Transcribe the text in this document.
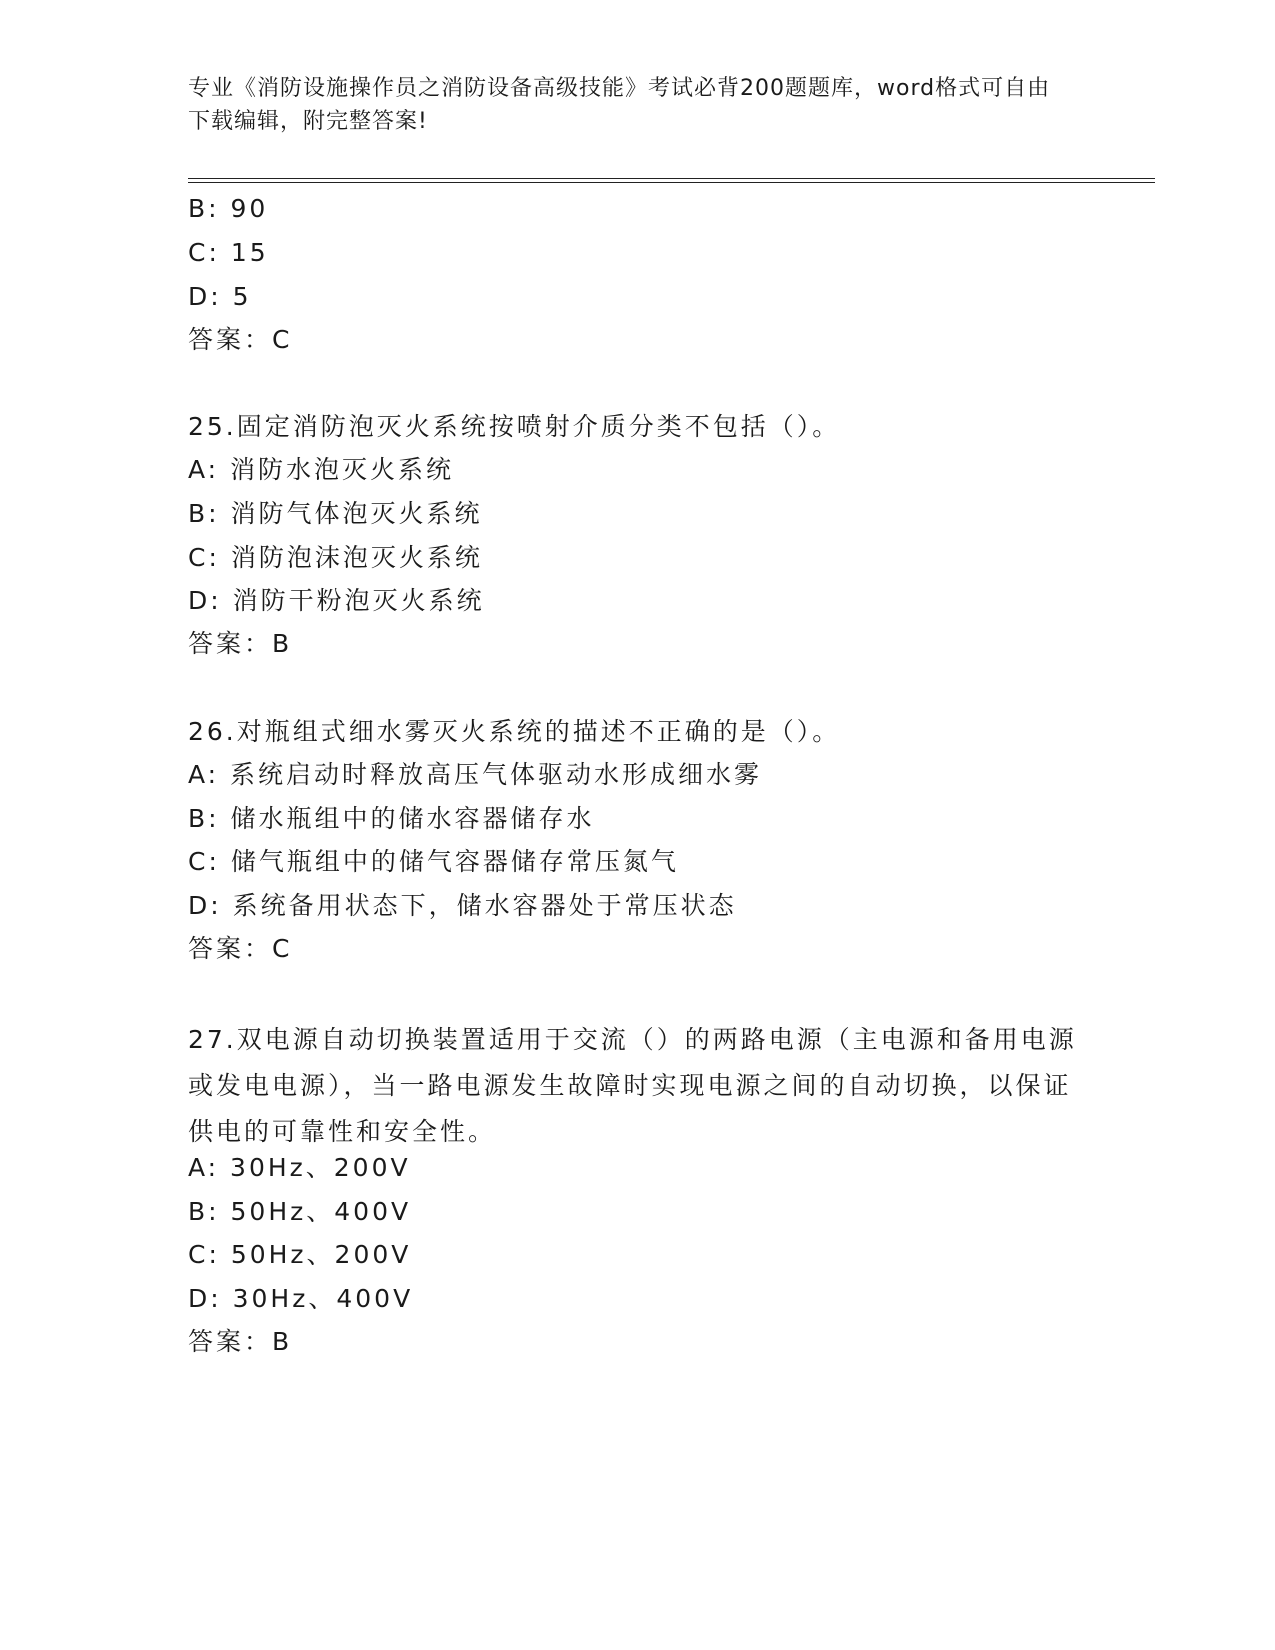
专业《消防设施操作员之消防设备高级技能》考试必背200题题库，word格式可自由下载编辑，附完整答案!
B: 90
C: 15
D: 5
答案：C
25.固定消防泡灭火系统按喷射介质分类不包括（）。
A: 消防水泡灭火系统
B: 消防气体泡灭火系统
C: 消防泡沫泡灭火系统
D: 消防干粉泡灭火系统
答案：B
26.对瓶组式细水雾灭火系统的描述不正确的是（）。
A: 系统启动时释放高压气体驱动水形成细水雾
B: 储水瓶组中的储水容器储存水
C: 储气瓶组中的储气容器储存常压氮气
D: 系统备用状态下，储水容器处于常压状态
答案：C
27.双电源自动切换装置适用于交流（）的两路电源（主电源和备用电源或发电电源），当一路电源发生故障时实现电源之间的自动切换，以保证供电的可靠性和安全性。
A: 30Hz、200V
B: 50Hz、400V
C: 50Hz、200V
D: 30Hz、400V
答案：B
